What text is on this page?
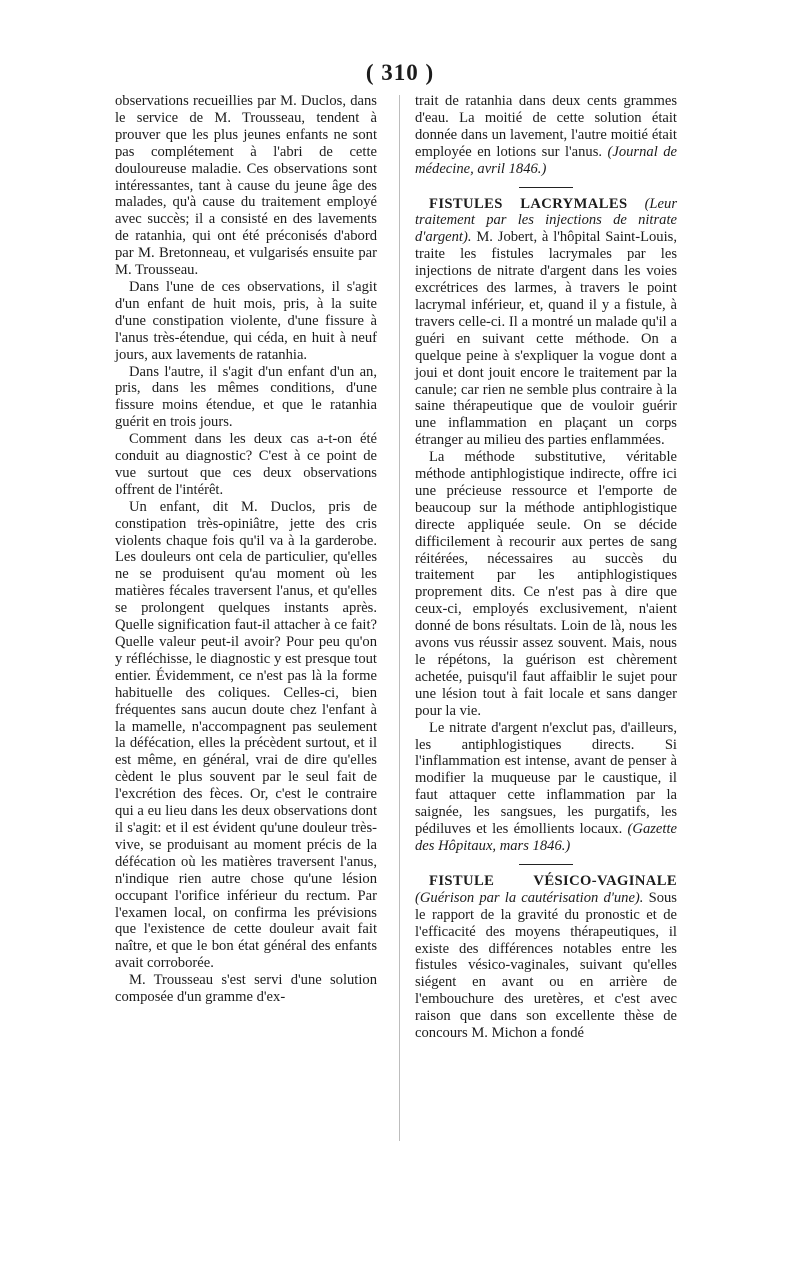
( 310 )

observations recueillies par M. Duclos, dans le service de M. Trousseau, tendent à prouver que les plus jeunes enfants ne sont pas complétement à l'abri de cette douloureuse maladie. Ces observations sont intéressantes, tant à cause du jeune âge des malades, qu'à cause du traitement employé avec succès; il a consisté en des lavements de ratanhia, qui ont été préconisés d'abord par M. Bretonneau, et vulgarisés ensuite par M. Trousseau.

Dans l'une de ces observations, il s'agit d'un enfant de huit mois, pris, à la suite d'une constipation violente, d'une fissure à l'anus très-étendue, qui céda, en huit à neuf jours, aux lavements de ratanhia.

Dans l'autre, il s'agit d'un enfant d'un an, pris, dans les mêmes conditions, d'une fissure moins étendue, et que le ratanhia guérit en trois jours.

Comment dans les deux cas a-t-on été conduit au diagnostic? C'est à ce point de vue surtout que ces deux observations offrent de l'intérêt.

Un enfant, dit M. Duclos, pris de constipation très-opiniâtre, jette des cris violents chaque fois qu'il va à la garderobe. Les douleurs ont cela de particulier, qu'elles ne se produisent qu'au moment où les matières fécales traversent l'anus, et qu'elles se prolongent quelques instants après. Quelle signification faut-il attacher à ce fait? Quelle valeur peut-il avoir? Pour peu qu'on y réfléchisse, le diagnostic y est presque tout entier. Évidemment, ce n'est pas là la forme habituelle des coliques. Celles-ci, bien fréquentes sans aucun doute chez l'enfant à la mamelle, n'accompagnent pas seulement la défécation, elles la précèdent surtout, et il est même, en général, vrai de dire qu'elles cèdent le plus souvent par le seul fait de l'excrétion des fèces. Or, c'est le contraire qui a eu lieu dans les deux observations dont il s'agit: et il est évident qu'une douleur très-vive, se produisant au moment précis de la défécation où les matières traversent l'anus, n'indique rien autre chose qu'une lésion occupant l'orifice inférieur du rectum. Par l'examen local, on confirma les prévisions que l'existence de cette douleur avait fait naître, et que le bon état général des enfants avait corroborée.

M. Trousseau s'est servi d'une solution composée d'un gramme d'ex-

trait de ratanhia dans deux cents grammes d'eau. La moitié de cette solution était donnée dans un lavement, l'autre moitié était employée en lotions sur l'anus. (Journal de médecine, avril 1846.)

FISTULES LACRYMALES (Leur traitement par les injections de nitrate d'argent). M. Jobert, à l'hôpital Saint-Louis, traite les fistules lacrymales par les injections de nitrate d'argent dans les voies excrétrices des larmes, à travers le point lacrymal inférieur, et, quand il y a fistule, à travers celle-ci. Il a montré un malade qu'il a guéri en suivant cette méthode. On a quelque peine à s'expliquer la vogue dont a joui et dont jouit encore le traitement par la canule; car rien ne semble plus contraire à la saine thérapeutique que de vouloir guérir une inflammation en plaçant un corps étranger au milieu des parties enflammées.

La méthode substitutive, véritable méthode antiphlogistique indirecte, offre ici une précieuse ressource et l'emporte de beaucoup sur la méthode antiphlogistique directe appliquée seule. On se décide difficilement à recourir aux pertes de sang réitérées, nécessaires au succès du traitement par les antiphlogistiques proprement dits. Ce n'est pas à dire que ceux-ci, employés exclusivement, n'aient donné de bons résultats. Loin de là, nous les avons vus réussir assez souvent. Mais, nous le répétons, la guérison est chèrement achetée, puisqu'il faut affaiblir le sujet pour une lésion tout à fait locale et sans danger pour la vie.

Le nitrate d'argent n'exclut pas, d'ailleurs, les antiphlogistiques directs. Si l'inflammation est intense, avant de penser à modifier la muqueuse par le caustique, il faut attaquer cette inflammation par la saignée, les sangsues, les purgatifs, les pédiluves et les émollients locaux. (Gazette des Hôpitaux, mars 1846.)

FISTULE VÉSICO-VAGINALE (Guérison par la cautérisation d'une). Sous le rapport de la gravité du pronostic et de l'efficacité des moyens thérapeutiques, il existe des différences notables entre les fistules vésico-vaginales, suivant qu'elles siégent en avant ou en arrière de l'embouchure des uretères, et c'est avec raison que dans son excellente thèse de concours M. Michon a fondé
